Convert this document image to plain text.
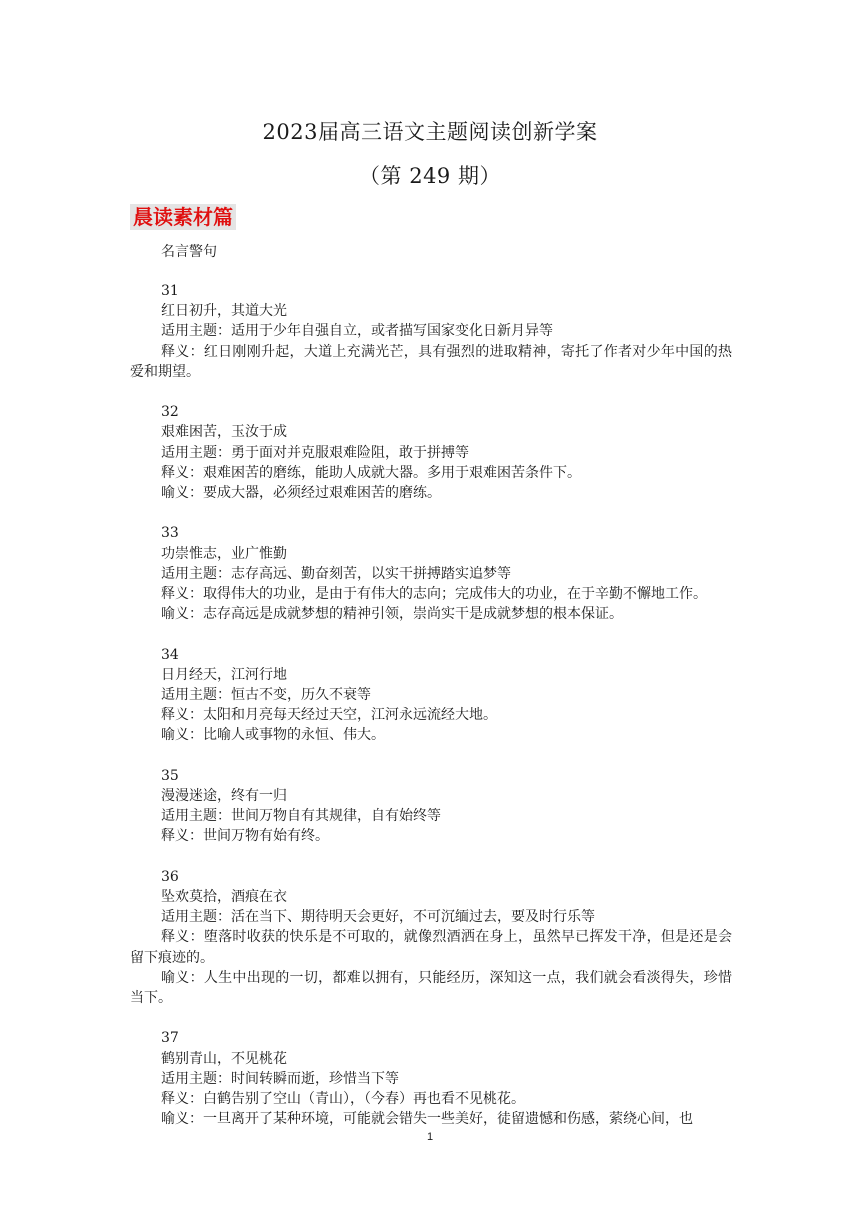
2023届高三语文主题阅读创新学案
（第 249 期）
晨读素材篇
名言警句

31

红日初升，其道大光

适用主题：适用于少年自强自立，或者描写国家变化日新月异等

释义：红日刚刚升起，大道上充满光芒，具有强烈的进取精神，寄托了作者对少年中国的热爱和期望。

32

艰难困苦，玉汝于成

适用主题：勇于面对并克服艰难险阻，敢于拼搏等

释义：艰难困苦的磨练，能助人成就大器。多用于艰难困苦条件下。

喻义：要成大器，必须经过艰难困苦的磨练。

33

功崇惟志，业广惟勤

适用主题：志存高远、勤奋刻苦，以实干拼搏踏实追梦等

释义：取得伟大的功业，是由于有伟大的志向；完成伟大的功业，在于辛勤不懈地工作。

喻义：志存高远是成就梦想的精神引领，崇尚实干是成就梦想的根本保证。

34

日月经天，江河行地

适用主题：恒古不变，历久不衰等

释义：太阳和月亮每天经过天空，江河永远流经大地。

喻义：比喻人或事物的永恒、伟大。

35

漫漫迷途，终有一归

适用主题：世间万物自有其规律，自有始终等

释义：世间万物有始有终。

36

坠欢莫拾，酒痕在衣

适用主题：活在当下、期待明天会更好，不可沉缅过去，要及时行乐等

释义：堕落时收获的快乐是不可取的，就像烈酒洒在身上，虽然早已挥发干净，但是还是会留下痕迹的。

喻义：人生中出现的一切，都难以拥有，只能经历，深知这一点，我们就会看淡得失，珍惜当下。

37

鹤别青山，不见桃花

适用主题：时间转瞬而逝，珍惜当下等

释义：白鹤告别了空山（青山），（今春）再也看不见桃花。

喻义：一旦离开了某种环境，可能就会错失一些美好，徒留遗憾和伤感，萦绕心间，也

1
